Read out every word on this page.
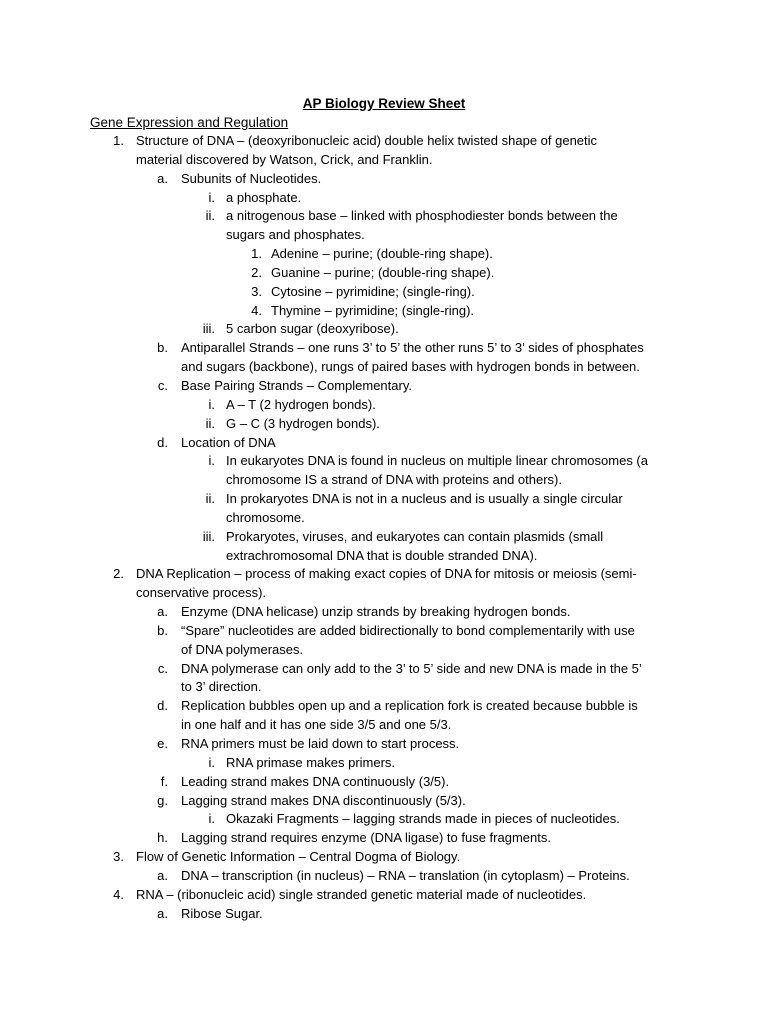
AP Biology Review Sheet
Gene Expression and Regulation
1. Structure of DNA – (deoxyribonucleic acid) double helix twisted shape of genetic
material discovered by Watson, Crick, and Franklin.
a. Subunits of Nucleotides.
i. a phosphate.
ii. a nitrogenous base – linked with phosphodiester bonds between the
sugars and phosphates.
1. Adenine – purine; (double-ring shape).
2. Guanine – purine; (double-ring shape).
3. Cytosine – pyrimidine; (single-ring).
4. Thymine – pyrimidine; (single-ring).
iii. 5 carbon sugar (deoxyribose).
b. Antiparallel Strands – one runs 3’ to 5’ the other runs 5’ to 3’ sides of phosphates
and sugars (backbone), rungs of paired bases with hydrogen bonds in between.
c. Base Pairing Strands – Complementary.
i. A – T (2 hydrogen bonds).
ii. G – C (3 hydrogen bonds).
d. Location of DNA
i. In eukaryotes DNA is found in nucleus on multiple linear chromosomes (a
chromosome IS a strand of DNA with proteins and others).
ii. In prokaryotes DNA is not in a nucleus and is usually a single circular
chromosome.
iii. Prokaryotes, viruses, and eukaryotes can contain plasmids (small
extrachromosomal DNA that is double stranded DNA).
2. DNA Replication – process of making exact copies of DNA for mitosis or meiosis (semi-
conservative process).
a. Enzyme (DNA helicase) unzip strands by breaking hydrogen bonds.
b. “Spare” nucleotides are added bidirectionally to bond complementarily with use
of DNA polymerases.
c. DNA polymerase can only add to the 3’ to 5’ side and new DNA is made in the 5’
to 3’ direction.
d. Replication bubbles open up and a replication fork is created because bubble is
in one half and it has one side 3/5 and one 5/3.
e. RNA primers must be laid down to start process.
i. RNA primase makes primers.
f. Leading strand makes DNA continuously (3/5).
g. Lagging strand makes DNA discontinuously (5/3).
i. Okazaki Fragments – lagging strands made in pieces of nucleotides.
h. Lagging strand requires enzyme (DNA ligase) to fuse fragments.
3. Flow of Genetic Information – Central Dogma of Biology.
a. DNA – transcription (in nucleus) – RNA – translation (in cytoplasm) – Proteins.
4. RNA – (ribonucleic acid) single stranded genetic material made of nucleotides.
a. Ribose Sugar.
